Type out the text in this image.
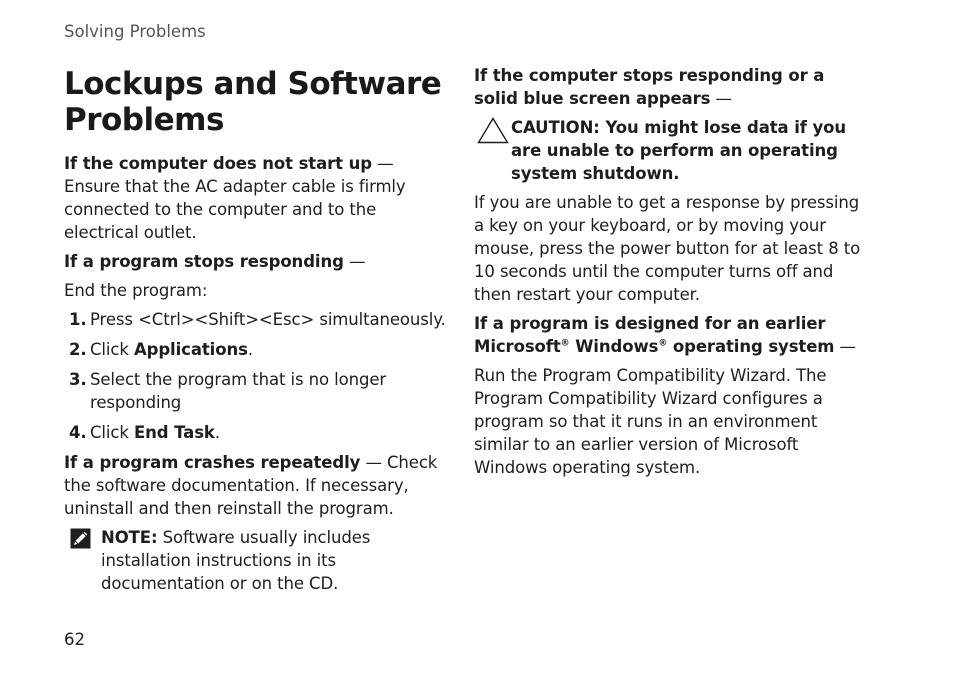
Solving Problems
Lockups and Software
Problems

If the computer does not start up — Ensure that the AC adapter cable is firmly connected to the computer and to the electrical outlet.

If a program stops responding —

End the program:

1. Press <Ctrl><Shift><Esc> simultaneously.
2. Click Applications.
3. Select the program that is no longer responding
4. Click End Task.

If a program crashes repeatedly — Check the software documentation. If necessary, uninstall and then reinstall the program.

NOTE: Software usually includes installation instructions in its documentation or on the CD.

If the computer stops responding or a solid blue screen appears —

CAUTION: You might lose data if you are unable to perform an operating system shutdown.

If you are unable to get a response by pressing a key on your keyboard, or by moving your mouse, press the power button for at least 8 to 10 seconds until the computer turns off and then restart your computer.

If a program is designed for an earlier Microsoft® Windows® operating system —

Run the Program Compatibility Wizard. The Program Compatibility Wizard configures a program so that it runs in an environment similar to an earlier version of Microsoft Windows operating system.

62
